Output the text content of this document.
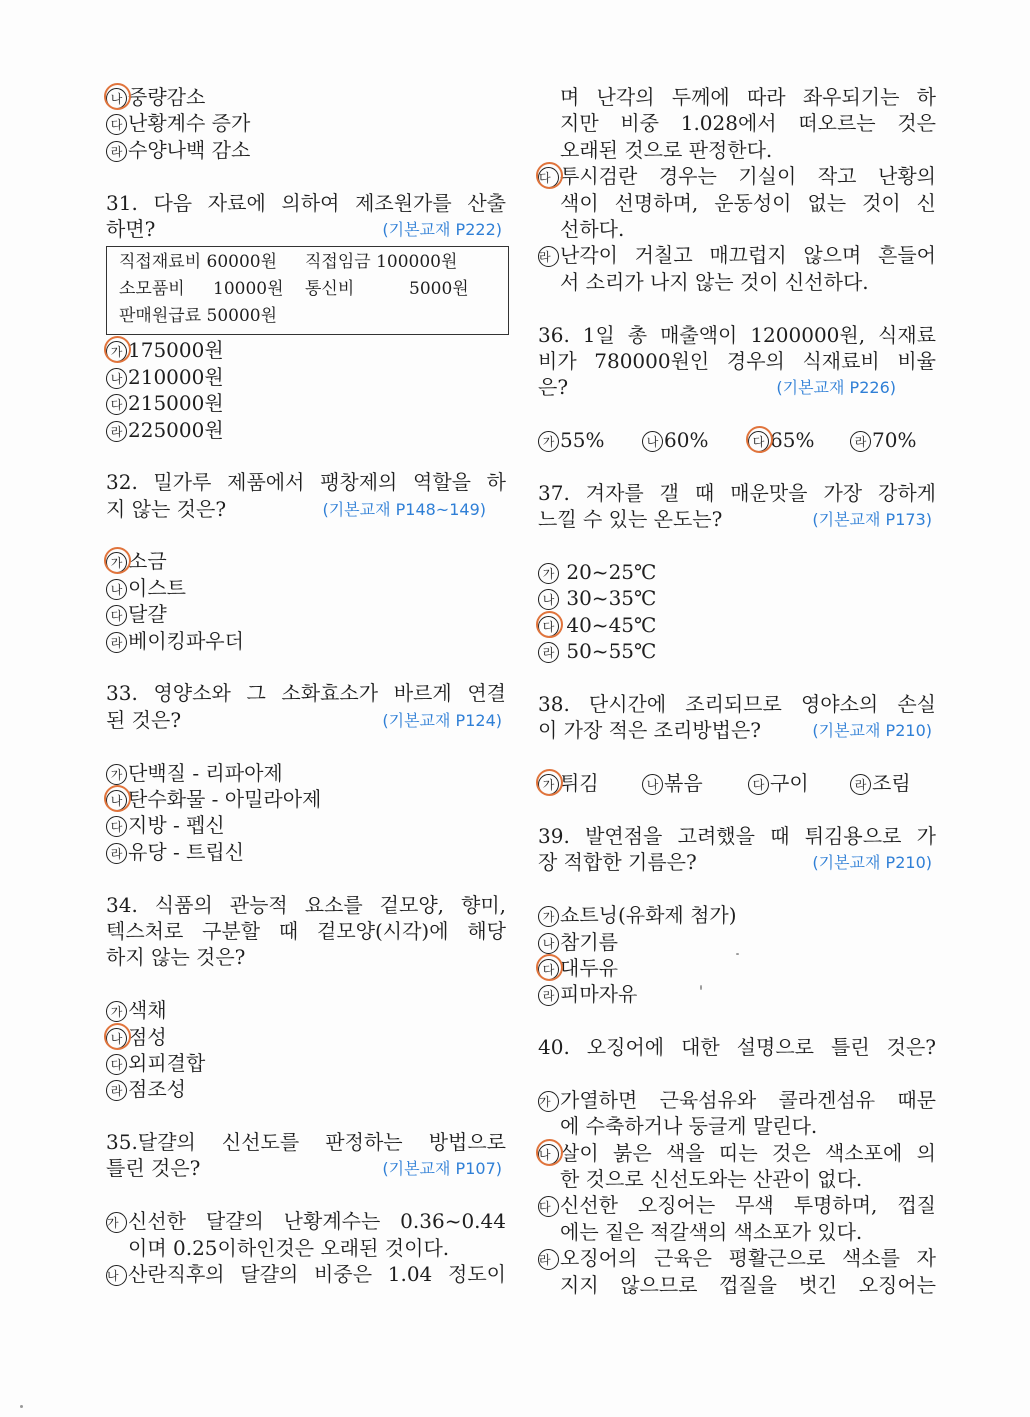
나 중량감소
다 난황계수 증가
라 수양나백 감소
31. 다음 자료에 의하여 제조원가를 산출
하면?	(기본교재 P222)
직접재료비 60000원 직접임금 100000원
소모품비 10000원 통신비	5000원
판매원급료 50000원
가 175000원
나 210000원
다 215000원
라 225000원
32. 밀가루 제품에서 팽창제의 역할을 하
지 않는 것은?	(기본교재 P148~149)
가 소금
나 이스트
다 달걀
라 베이킹파우더
33. 영양소와 그 소화효소가 바르게 연결
된 것은?	(기본교재 P124)
가 단백질 - 리파아제
나 탄수화물 - 아밀라아제
다 지방 - 펩신
라 유당 - 트립신
34. 식품의 관능적 요소를 겉모양, 향미,
텍스처로 구분할 때 겉모양(시각)에 해당
하지 않는 것은?
가 색채
나 점성
다 외피결합
라 점조성
35.달걀의 신선도를 판정하는 방법으로
틀린 것은?	(기본교재 P107)
가 신선한 달걀의 난황계수는 0.36~0.44
이며 0.25이하인것은 오래된 것이다.
나 산란직후의 달걀의 비중은 1.04 정도이
며 난각의 두께에 따라 좌우되기는 하
지만 비중 1.028에서 떠오르는 것은
오래된 것으로 판정한다.
다 투시검란 경우는 기실이 작고 난황의
색이 선명하며, 운동성이 없는 것이 신
선하다.
라 난각이 거칠고 매끄럽지 않으며 흔들어
서 소리가 나지 않는 것이 신선하다.
36. 1일 총 매출액이 1200000원, 식재료
비가 780000원인 경우의 식재료비 비율
은?	(기본교재 P226)
가 55%	나 60%	다 65%	라 70%
37. 겨자를 갤 때 매운맛을 가장 강하게
느낄 수 있는 온도는?	(기본교재 P173)
가 20~25℃
나 30~35℃
다 40~45℃
라 50~55℃
38. 단시간에 조리되므로 영야소의 손실
이 가장 적은 조리방법은?	(기본교재 P210)
가 튀김	나 볶음	다 구이	라 조림
39. 발연점을 고려했을 때 튀김용으로 가
장 적합한 기름은?	(기본교재 P210)
가 쇼트닝(유화제 첨가)
나 참기름
다 대두유
라 피마자유
40. 오징어에 대한 설명으로 틀린 것은?
가 가열하면 근육섬유와 콜라겐섬유 때문
에 수축하거나 둥글게 말린다.
나 살이 붉은 색을 띠는 것은 색소포에 의
한 것으로 신선도와는 산관이 없다.
다 신선한 오징어는 무색 투명하며, 껍질
에는 짙은 적갈색의 색소포가 있다.
라 오징어의 근육은 평활근으로 색소를 자
지지 않으므로 껍질을 벗긴 오징어는
